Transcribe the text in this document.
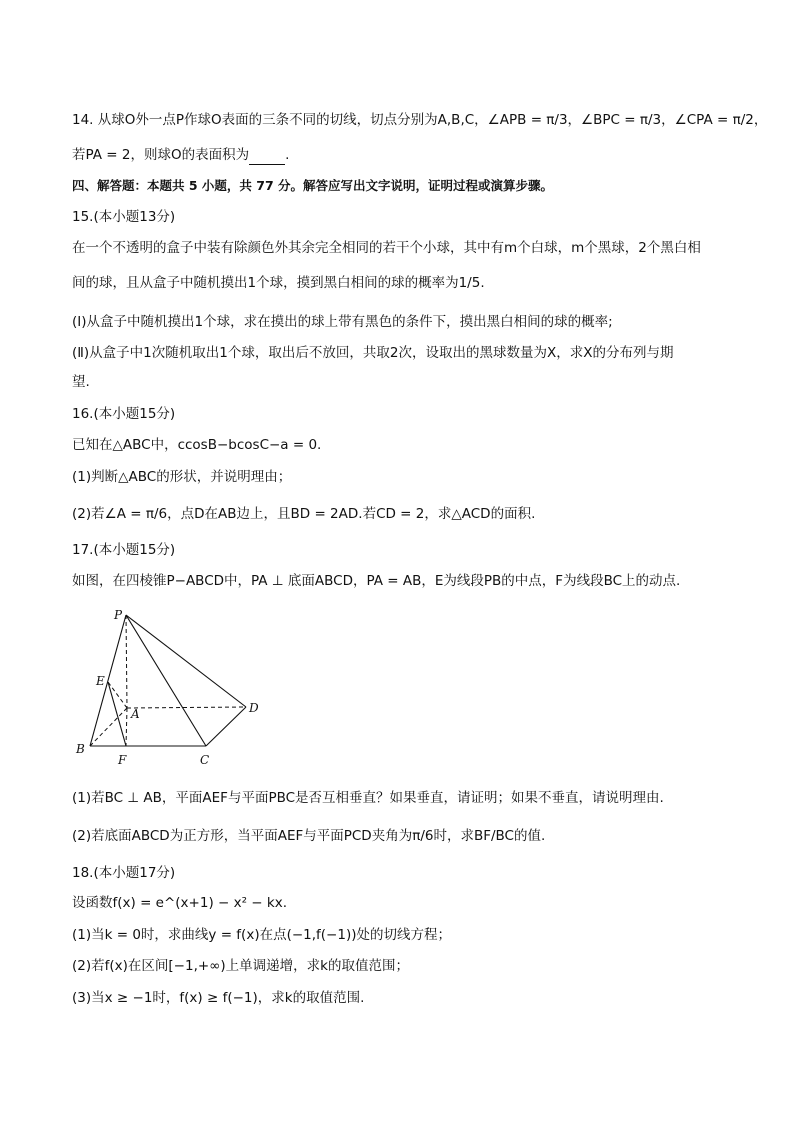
14. 从球O外一点P作球O表面的三条不同的切线，切点分别为A,B,C，∠APB = π/3，∠BPC = π/3，∠CPA = π/2，
若PA = 2，则球O的表面积为	.
四、解答题：本题共 5 小题，共 77 分。解答应写出文字说明，证明过程或演算步骤。
15.(本小题13分)
在一个不透明的盒子中装有除颜色外其余完全相同的若干个小球，其中有m个白球，m个黑球，2个黑白相
间的球，且从盒子中随机摸出1个球，摸到黑白相间的球的概率为1/5.
(Ⅰ)从盒子中随机摸出1个球，求在摸出的球上带有黑色的条件下，摸出黑白相间的球的概率;
(Ⅱ)从盒子中1次随机取出1个球，取出后不放回，共取2次，设取出的黑球数量为X，求X的分布列与期
望.
16.(本小题15分)
已知在△ABC中，ccosB−bcosC−a = 0.
(1)判断△ABC的形状，并说明理由；
(2)若∠A = π/6，点D在AB边上，且BD = 2AD.若CD = 2，求△ACD的面积.
17.(本小题15分)
如图，在四棱锥P−ABCD中，PA ⊥ 底面ABCD，PA = AB，E为线段PB的中点，F为线段BC上的动点.
P
E
A	D
B
F	C
(1)若BC ⊥ AB，平面AEF与平面PBC是否互相垂直？如果垂直，请证明；如果不垂直，请说明理由.
(2)若底面ABCD为正方形，当平面AEF与平面PCD夹角为π/6时，求BF/BC的值.
18.(本小题17分)
设函数f(x) = e^(x+1) − x² − kx.
(1)当k = 0时，求曲线y = f(x)在点(−1,f(−1))处的切线方程；
(2)若f(x)在区间[−1,+∞)上单调递增，求k的取值范围；
(3)当x ≥ −1时，f(x) ≥ f(−1)，求k的取值范围.
